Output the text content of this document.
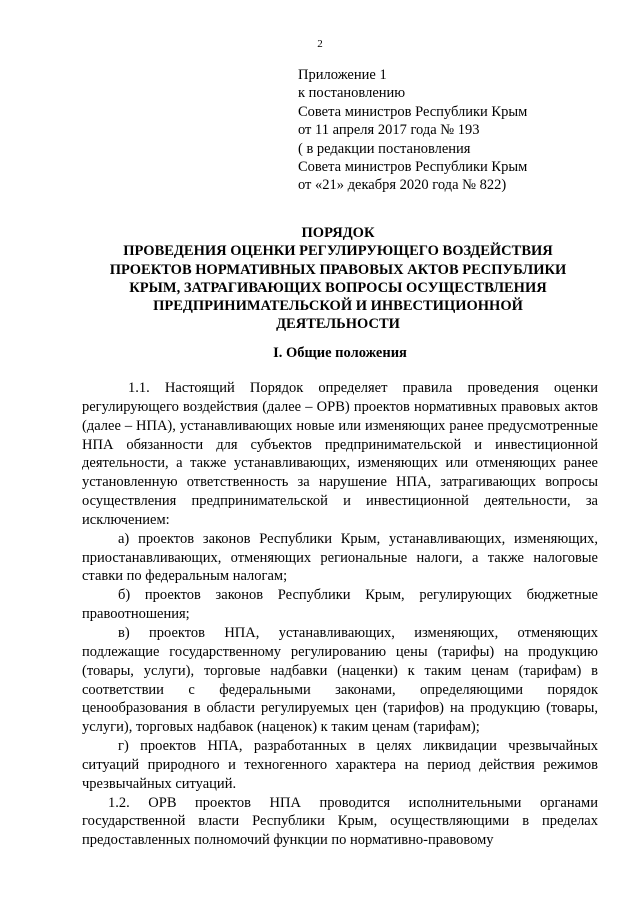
2
Приложение 1
к постановлению
Совета министров Республики Крым
от 11 апреля 2017 года № 193
( в редакции постановления
Совета министров Республики Крым
от «21» декабря 2020 года № 822)
ПОРЯДОК
ПРОВЕДЕНИЯ ОЦЕНКИ РЕГУЛИРУЮЩЕГО ВОЗДЕЙСТВИЯ
ПРОЕКТОВ НОРМАТИВНЫХ ПРАВОВЫХ АКТОВ РЕСПУБЛИКИ
КРЫМ, ЗАТРАГИВАЮЩИХ ВОПРОСЫ ОСУЩЕСТВЛЕНИЯ
ПРЕДПРИНИМАТЕЛЬСКОЙ И ИНВЕСТИЦИОННОЙ
ДЕЯТЕЛЬНОСТИ
I. Общие положения

1.1. Настоящий Порядок определяет правила проведения оценки регулирующего воздействия (далее – ОРВ) проектов нормативных правовых актов (далее – НПА), устанавливающих новые или изменяющих ранее предусмотренные НПА обязанности для субъектов предпринимательской и инвестиционной деятельности, а также устанавливающих, изменяющих или отменяющих ранее установленную ответственность за нарушение НПА, затрагивающих вопросы осуществления предпринимательской и инвестиционной деятельности, за исключением:

а) проектов законов Республики Крым, устанавливающих, изменяющих, приостанавливающих, отменяющих региональные налоги, а также налоговые ставки по федеральным налогам;

б) проектов законов Республики Крым, регулирующих бюджетные правоотношения;

в) проектов НПА, устанавливающих, изменяющих, отменяющих подлежащие государственному регулированию цены (тарифы) на продукцию (товары, услуги), торговые надбавки (наценки) к таким ценам (тарифам) в соответствии с федеральными законами, определяющими порядок ценообразования в области регулируемых цен (тарифов) на продукцию (товары, услуги), торговых надбавок (наценок) к таким ценам (тарифам);

г) проектов НПА, разработанных в целях ликвидации чрезвычайных ситуаций природного и техногенного характера на период действия режимов чрезвычайных ситуаций.

1.2. ОРВ проектов НПА проводится исполнительными органами государственной власти Республики Крым, осуществляющими в пределах предоставленных полномочий функции по нормативно-правовому
